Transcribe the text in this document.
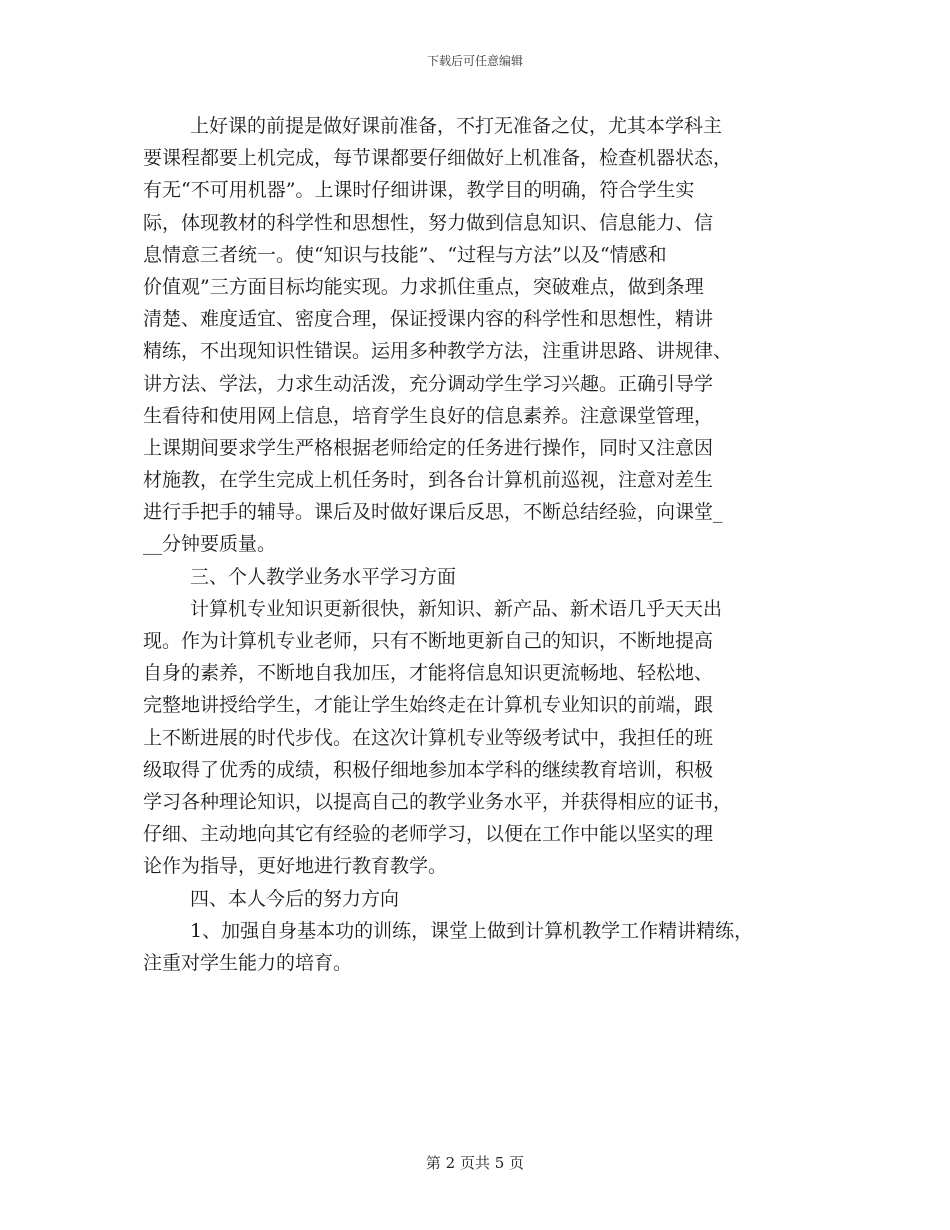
下载后可任意编辑
上好课的前提是做好课前准备，不打无准备之仗，尤其本学科主
要课程都要上机完成，每节课都要仔细做好上机准备，检查机器状态，
有无“不可用机器”。上课时仔细讲课，教学目的明确，符合学生实
际，体现教材的科学性和思想性，努力做到信息知识、信息能力、信
息情意三者统一。使“知识与技能”、“过程与方法”以及“情感和
价值观”三方面目标均能实现。力求抓住重点，突破难点，做到条理
清楚、难度适宜、密度合理，保证授课内容的科学性和思想性，精讲
精练，不出现知识性错误。运用多种教学方法，注重讲思路、讲规律、
讲方法、学法，力求生动活泼，充分调动学生学习兴趣。正确引导学
生看待和使用网上信息，培育学生良好的信息素养。注意课堂管理，
上课期间要求学生严格根据老师给定的任务进行操作，同时又注意因
材施教，在学生完成上机任务时，到各台计算机前巡视，注意对差生
进行手把手的辅导。课后及时做好课后反思，不断总结经验，向课堂_
__分钟要质量。
三、个人教学业务水平学习方面
计算机专业知识更新很快，新知识、新产品、新术语几乎天天出
现。作为计算机专业老师，只有不断地更新自己的知识，不断地提高
自身的素养，不断地自我加压，才能将信息知识更流畅地、轻松地、
完整地讲授给学生，才能让学生始终走在计算机专业知识的前端，跟
上不断进展的时代步伐。在这次计算机专业等级考试中，我担任的班
级取得了优秀的成绩，积极仔细地参加本学科的继续教育培训，积极
学习各种理论知识，以提高自己的教学业务水平，并获得相应的证书，
仔细、主动地向其它有经验的老师学习，以便在工作中能以坚实的理
论作为指导，更好地进行教育教学。
四、本人今后的努力方向
1、加强自身基本功的训练，课堂上做到计算机教学工作精讲精练，
注重对学生能力的培育。
第 2 页共 5 页
